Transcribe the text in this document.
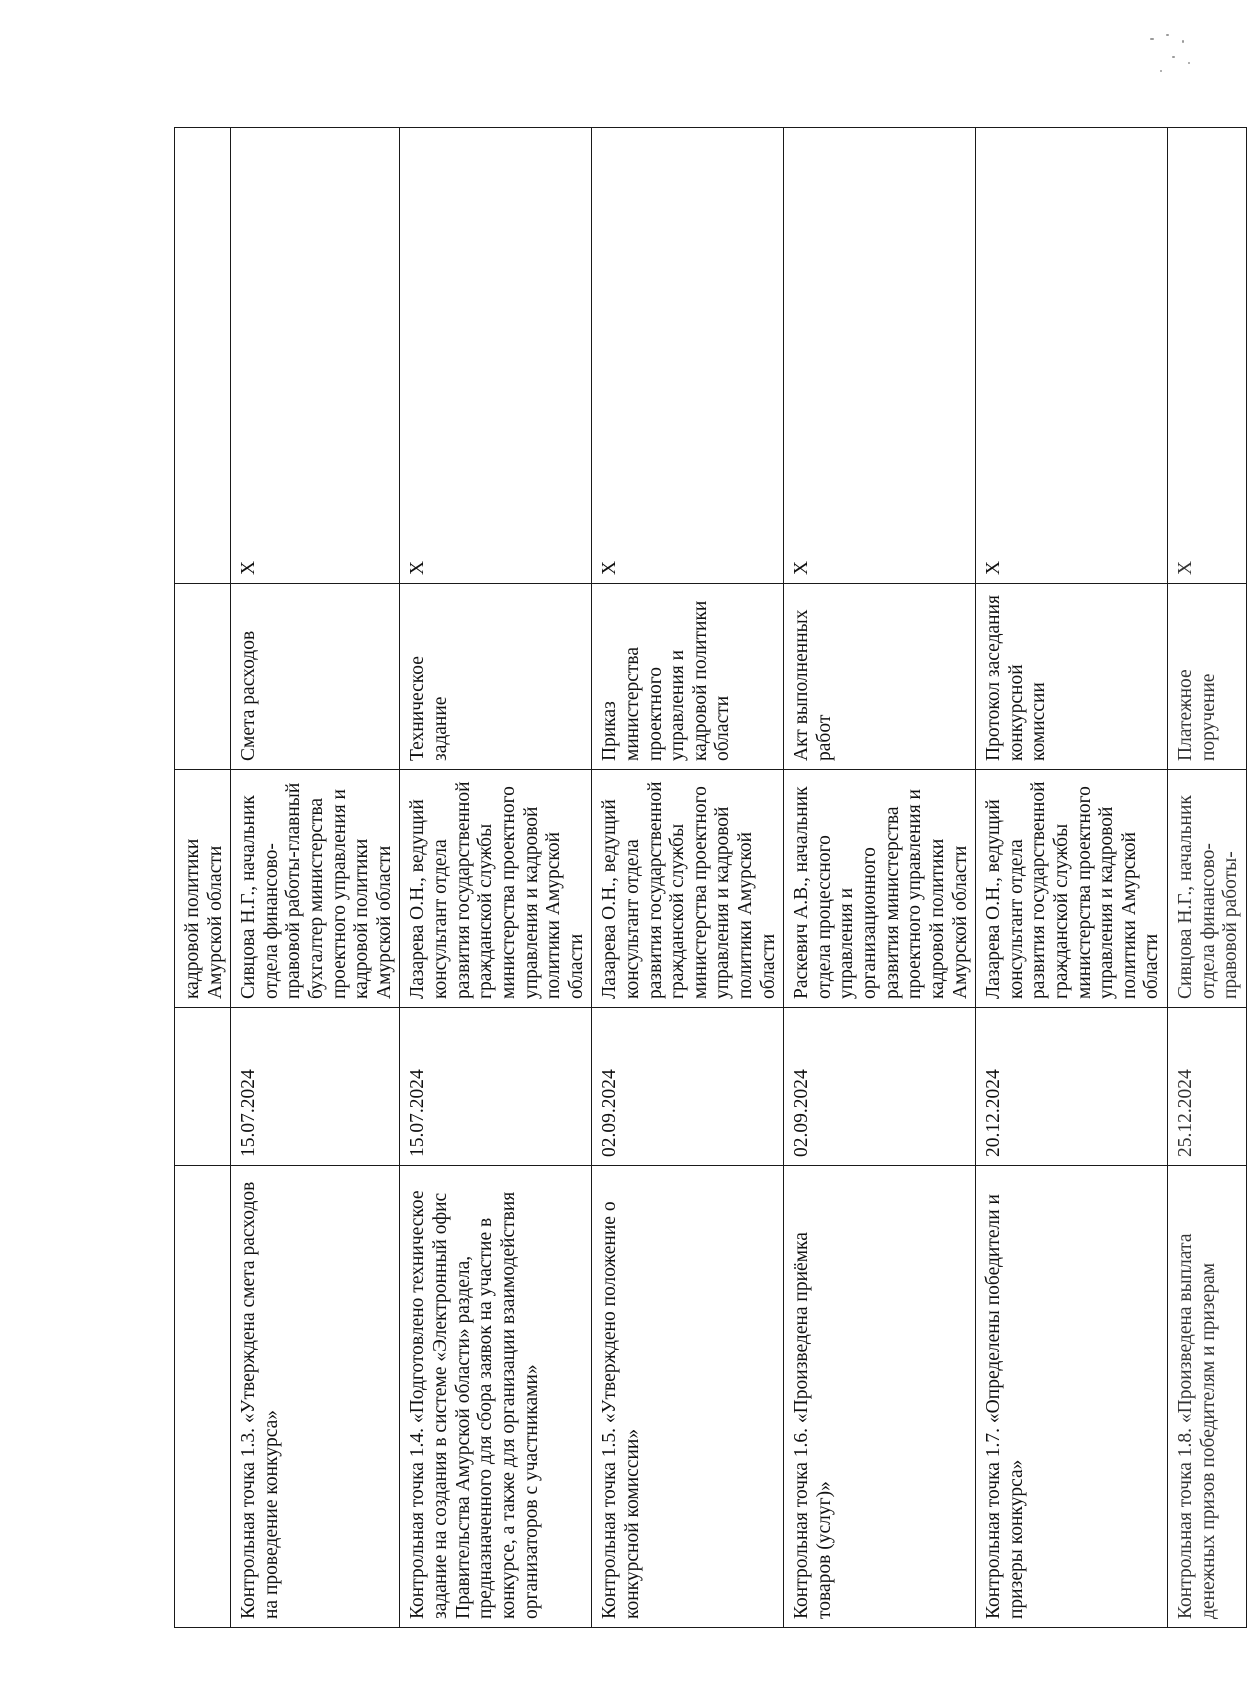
		кадровой политики Амурской области		
Контрольная точка 1.3. «Утверждена смета расходов на проведение конкурса»	15.07.2024	Сивцова Н.Г., начальник отдела финансово-правовой работы-главный бухгалтер министерства проектного управления и кадровой политики Амурской области	Смета расходов	X
Контрольная точка 1.4. «Подготовлено техническое задание на создания в системе «Электронный офис Правительства Амурской области» раздела, предназначенного для сбора заявок на участие в конкурсе, а также для организации взаимодействия организаторов с участниками»	15.07.2024	Лазарева О.Н., ведущий консультант отдела развития государственной гражданской службы министерства проектного управления и кадровой политики Амурской области	Техническое задание	X
Контрольная точка 1.5. «Утверждено положение о конкурсной комиссии»	02.09.2024	Лазарева О.Н., ведущий консультант отдела развития государственной гражданской службы министерства проектного управления и кадровой политики Амурской области	Приказ министерства проектного управления и кадровой политики области	X
Контрольная точка 1.6. «Произведена приёмка товаров (услуг)»	02.09.2024	Раскевич А.В., начальник отдела процессного управления и организационного развития министерства проектного управления и кадровой политики Амурской области	Акт выполненных работ	X
Контрольная точка 1.7. «Определены победители и призеры конкурса»	20.12.2024	Лазарева О.Н., ведущий консультант отдела развития государственной гражданской службы министерства проектного управления и кадровой политики Амурской области	Протокол заседания конкурсной комиссии	X
Контрольная точка 1.8. «Произведена выплата денежных призов победителям и призерам	25.12.2024	Сивцова Н.Г., начальник отдела финансово-правовой работы-	Платежное поручение	X
